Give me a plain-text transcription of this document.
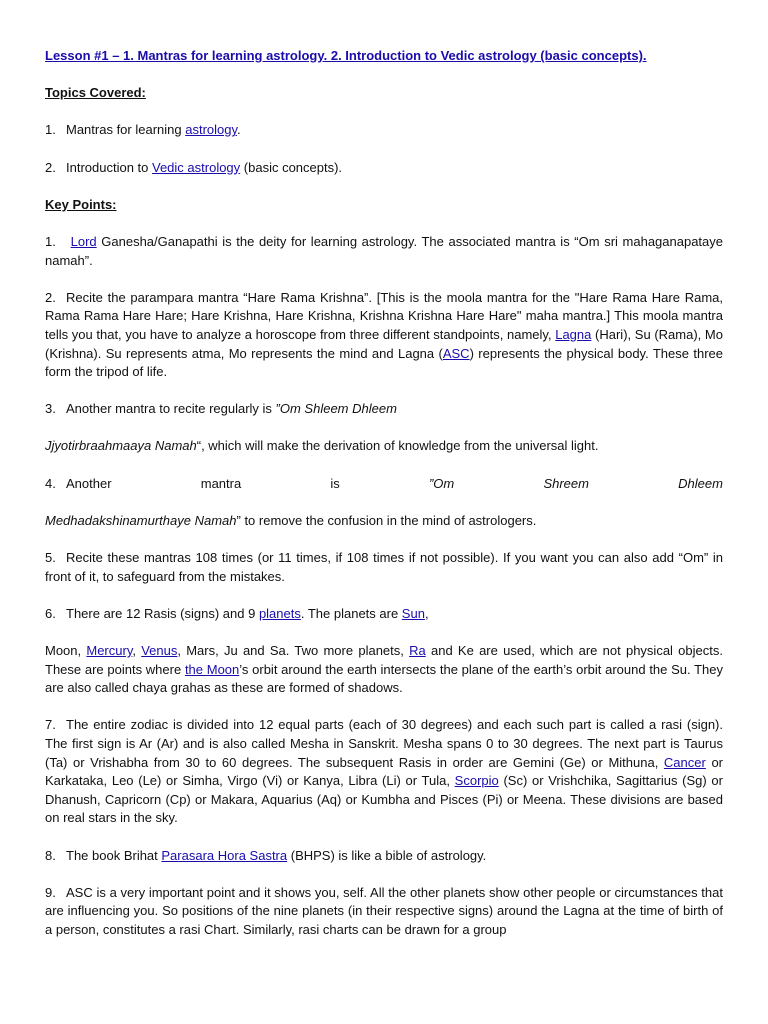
Lesson #1 – 1. Mantras for learning astrology. 2. Introduction to Vedic astrology (basic concepts).

Topics Covered:

1. Mantras for learning astrology.

2. Introduction to Vedic astrology (basic concepts).

Key Points:

1. Lord Ganesha/Ganapathi is the deity for learning astrology. The associated mantra is “Om sri mahaganapatayе namah”.

2. Recite the parampara mantra “Hare Rama Krishna”. [This is the moola mantra for the "Hare Rama Hare Rama, Rama Rama Hare Hare; Hare Krishna, Hare Krishna, Krishna Krishna Hare Hare" maha mantra.] This moola mantra tells you that, you have to analyze a horoscope from three different standpoints, namely, Lagna (Hari), Su (Rama), Mo (Krishna). Su represents atma, Mo represents the mind and Lagna (ASC) represents the physical body. These three form the tripod of life.

3. Another mantra to recite regularly is ”Om Shleem Dhleem

Jjyotirbraahmaaya Namah“, which will make the derivation of knowledge from the universal light.

4. Another	mantra	is	”Om	Shreem	Dhleem

Medhadakshinamurthaye Namah” to remove the confusion in the mind of astrologers.

5. Recite these mantras 108 times (or 11 times, if 108 times if not possible). If you want you can also add “Om” in front of it, to safeguard from the mistakes.

6. There are 12 Rasis (signs) and 9 planets. The planets are Sun,

Moon, Mercury, Venus, Mars, Ju and Sa. Two more planets, Ra and Ke are used, which are not physical objects. These are points where the Moon’s orbit around the earth intersects the plane of the earth’s orbit around the Su. They are also called chaya grahas as these are formed of shadows.

7. The entire zodiac is divided into 12 equal parts (each of 30 degrees) and each such part is called a rasi (sign). The first sign is Ar (Ar) and is also called Mesha in Sanskrit. Mesha spans 0 to 30 degrees. The next part is Taurus (Ta) or Vrishabha from 30 to 60 degrees. The subsequent Rasis in order are Gemini (Ge) or Mithuna, Cancer or Karkataka, Leo (Le) or Simha, Virgo (Vi) or Kanya, Libra (Li) or Tula, Scorpio (Sc) or Vrishchika, Sagittarius (Sg) or Dhanush, Capricorn (Cp) or Makara, Aquarius (Aq) or Kumbha and Pisces (Pi) or Meena. These divisions are based on real stars in the sky.

8. The book Brihat Parasara Hora Sastra (BHPS) is like a bible of astrology.

9. ASC is a very important point and it shows you, self. All the other planets show other people or circumstances that are influencing you. So positions of the nine planets (in their respective signs) around the Lagna at the time of birth of a person, constitutes a rasi Chart. Similarly, rasi charts can be drawn for a group
